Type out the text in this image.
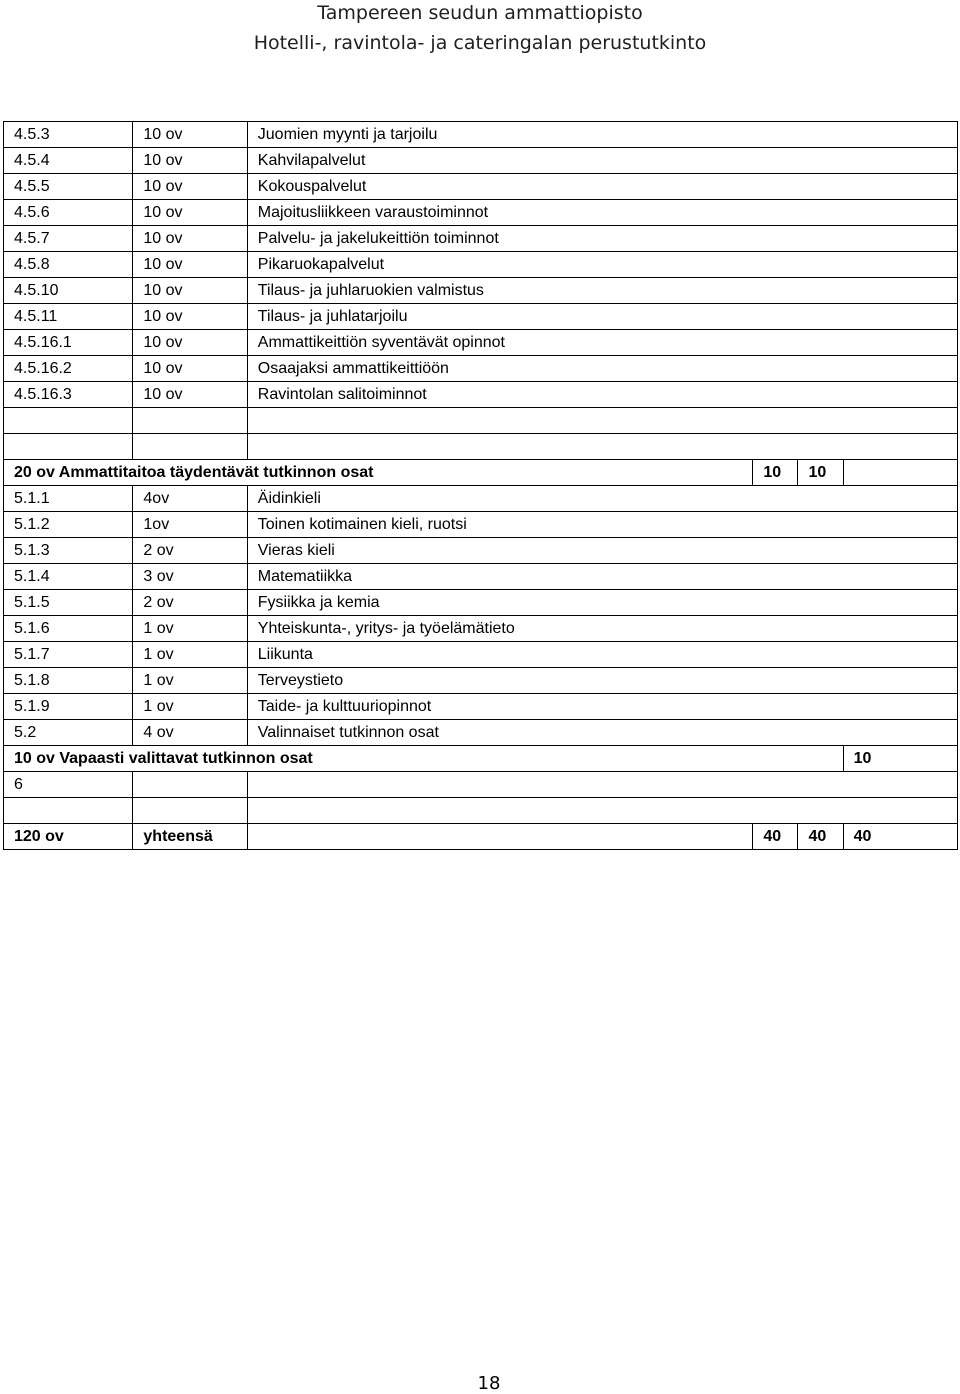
Tampereen seudun ammattiopisto
Hotelli-, ravintola- ja cateringalan perustutkinto
4.5.3	10 ov	Juomien myynti ja tarjoilu			
4.5.4	10 ov	Kahvilapalvelut			
4.5.5	10 ov	Kokouspalvelut			
4.5.6	10 ov	Majoitusliikkeen varaustoiminnot			
4.5.7	10 ov	Palvelu- ja jakelukeittiön toiminnot			
4.5.8	10 ov	Pikaruokapalvelut			
4.5.10	10 ov	Tilaus- ja juhlaruokien valmistus			
4.5.11	10 ov	Tilaus- ja juhlatarjoilu			
4.5.16.1	10 ov	Ammattikeittiön syventävät opinnot			
4.5.16.2	10 ov	Osaajaksi ammattikeittiöön			
4.5.16.3	10 ov	Ravintolan salitoiminnot			

20 ov Ammattitaitoa täydentävät tutkinnon osat			10	10	
5.1.1	4ov	Äidinkieli			
5.1.2	1ov	Toinen kotimainen kieli, ruotsi			
5.1.3	2 ov	Vieras kieli			
5.1.4	3 ov	Matematiikka			
5.1.5	2 ov	Fysiikka ja kemia			
5.1.6	1 ov	Yhteiskunta-, yritys- ja työelämätieto			
5.1.7	1 ov	Liikunta			
5.1.8	1 ov	Terveystieto			
5.1.9	1 ov	Taide- ja kulttuuriopinnot			
5.2	4 ov	Valinnaiset tutkinnon osat			
10 ov Vapaasti valittavat tutkinnon osat					10
6					

120 ov	yhteensä		40	40	40
18
